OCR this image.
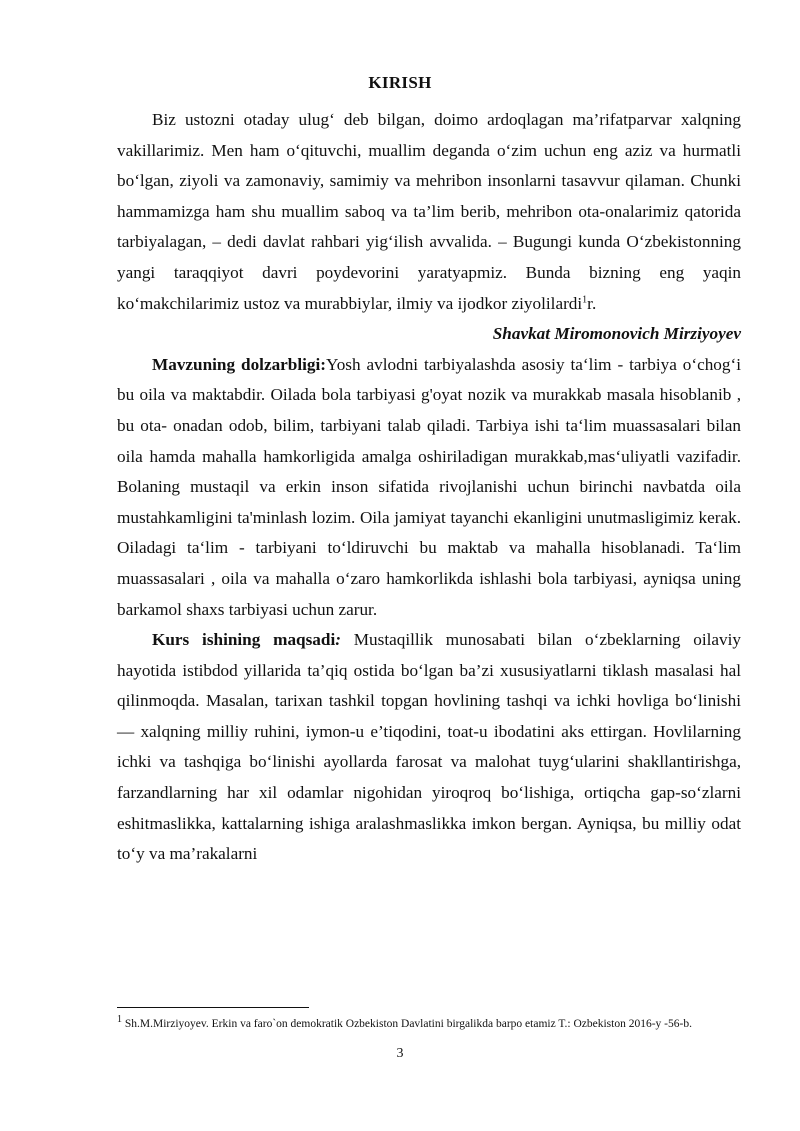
KIRISH

Biz ustozni otaday ulug‘ deb bilgan, doimo ardoqlagan ma’rifatparvar xalqning vakillarimiz. Men ham o‘qituvchi, muallim deganda o‘zim uchun eng aziz va hurmatli bo‘lgan, ziyoli va zamonaviy, samimiy va mehribon insonlarni tasavvur qilaman. Chunki hammamizga ham shu muallim saboq va ta’lim berib, mehribon ota-onalarimiz qatorida tarbiyalagan, – dedi davlat rahbari yig‘ilish avvalida. – Bugungi kunda O‘zbekistonning yangi taraqqiyot davri poydevorini yaratyapmiz. Bunda bizning eng yaqin ko‘makchilarimiz ustoz va murabbiylar, ilmiy va ijodkor ziyolilardi$^1$r.

Shavkat Miromonovich Mirziyoyev

Mavzuning dolzarbligi:Yosh avlodni tarbiyalashda asosiy ta‘lim - tarbiya o‘chog‘i bu oila va maktabdir. Oilada bola tarbiyasi g'oyat nozik va murakkab masala hisoblanib , bu ota- onadan odob, bilim, tarbiyani talab qiladi. Tarbiya ishi ta‘lim muassasalari bilan oila hamda mahalla hamkorligida amalga oshiriladigan murakkab,mas‘uliyatli vazifadir. Bolaning mustaqil va erkin inson sifatida rivojlanishi uchun birinchi navbatda oila mustahkamligini ta'minlash lozim. Oila jamiyat tayanchi ekanligini unutmasligimiz kerak. Oiladagi ta‘lim - tarbiyani to‘ldiruvchi bu maktab va mahalla hisoblanadi. Ta‘lim muassasalari , oila va mahalla o‘zaro hamkorlikda ishlashi bola tarbiyasi, ayniqsa uning barkamol shaxs tarbiyasi uchun zarur.

Kurs ishining maqsadi: Mustaqillik munosabati bilan o‘zbeklarning oilaviy hayotida istibdod yillarida ta’qiq ostida bo‘lgan ba’zi xususiyatlarni tiklash masalasi hal qilinmoqda. Masalan, tarixan tashkil topgan hovlining tashqi va ichki hovliga bo‘linishi — xalqning milliy ruhini, iymon-u e’tiqodini, toat-u ibodatini aks ettirgan. Hovlilarning ichki va tashqiga bo‘linishi ayollarda farosat va malohat tuyg‘ularini shakllantirishga, farzandlarning har xil odamlar nigohidan yiroqroq bo‘lishiga, ortiqcha gap-so‘zlarni eshitmaslikka, kattalarning ishiga aralashmaslikka imkon bergan. Ayniqsa, bu milliy odat to‘y va ma’rakalarni

$^1$ Sh.M.Mirziyoyev. Erkin va faro`on demokratik Ozbekiston Davlatini birgalikda barpo etamiz T.: Ozbekiston 2016-y -56-b.
3
